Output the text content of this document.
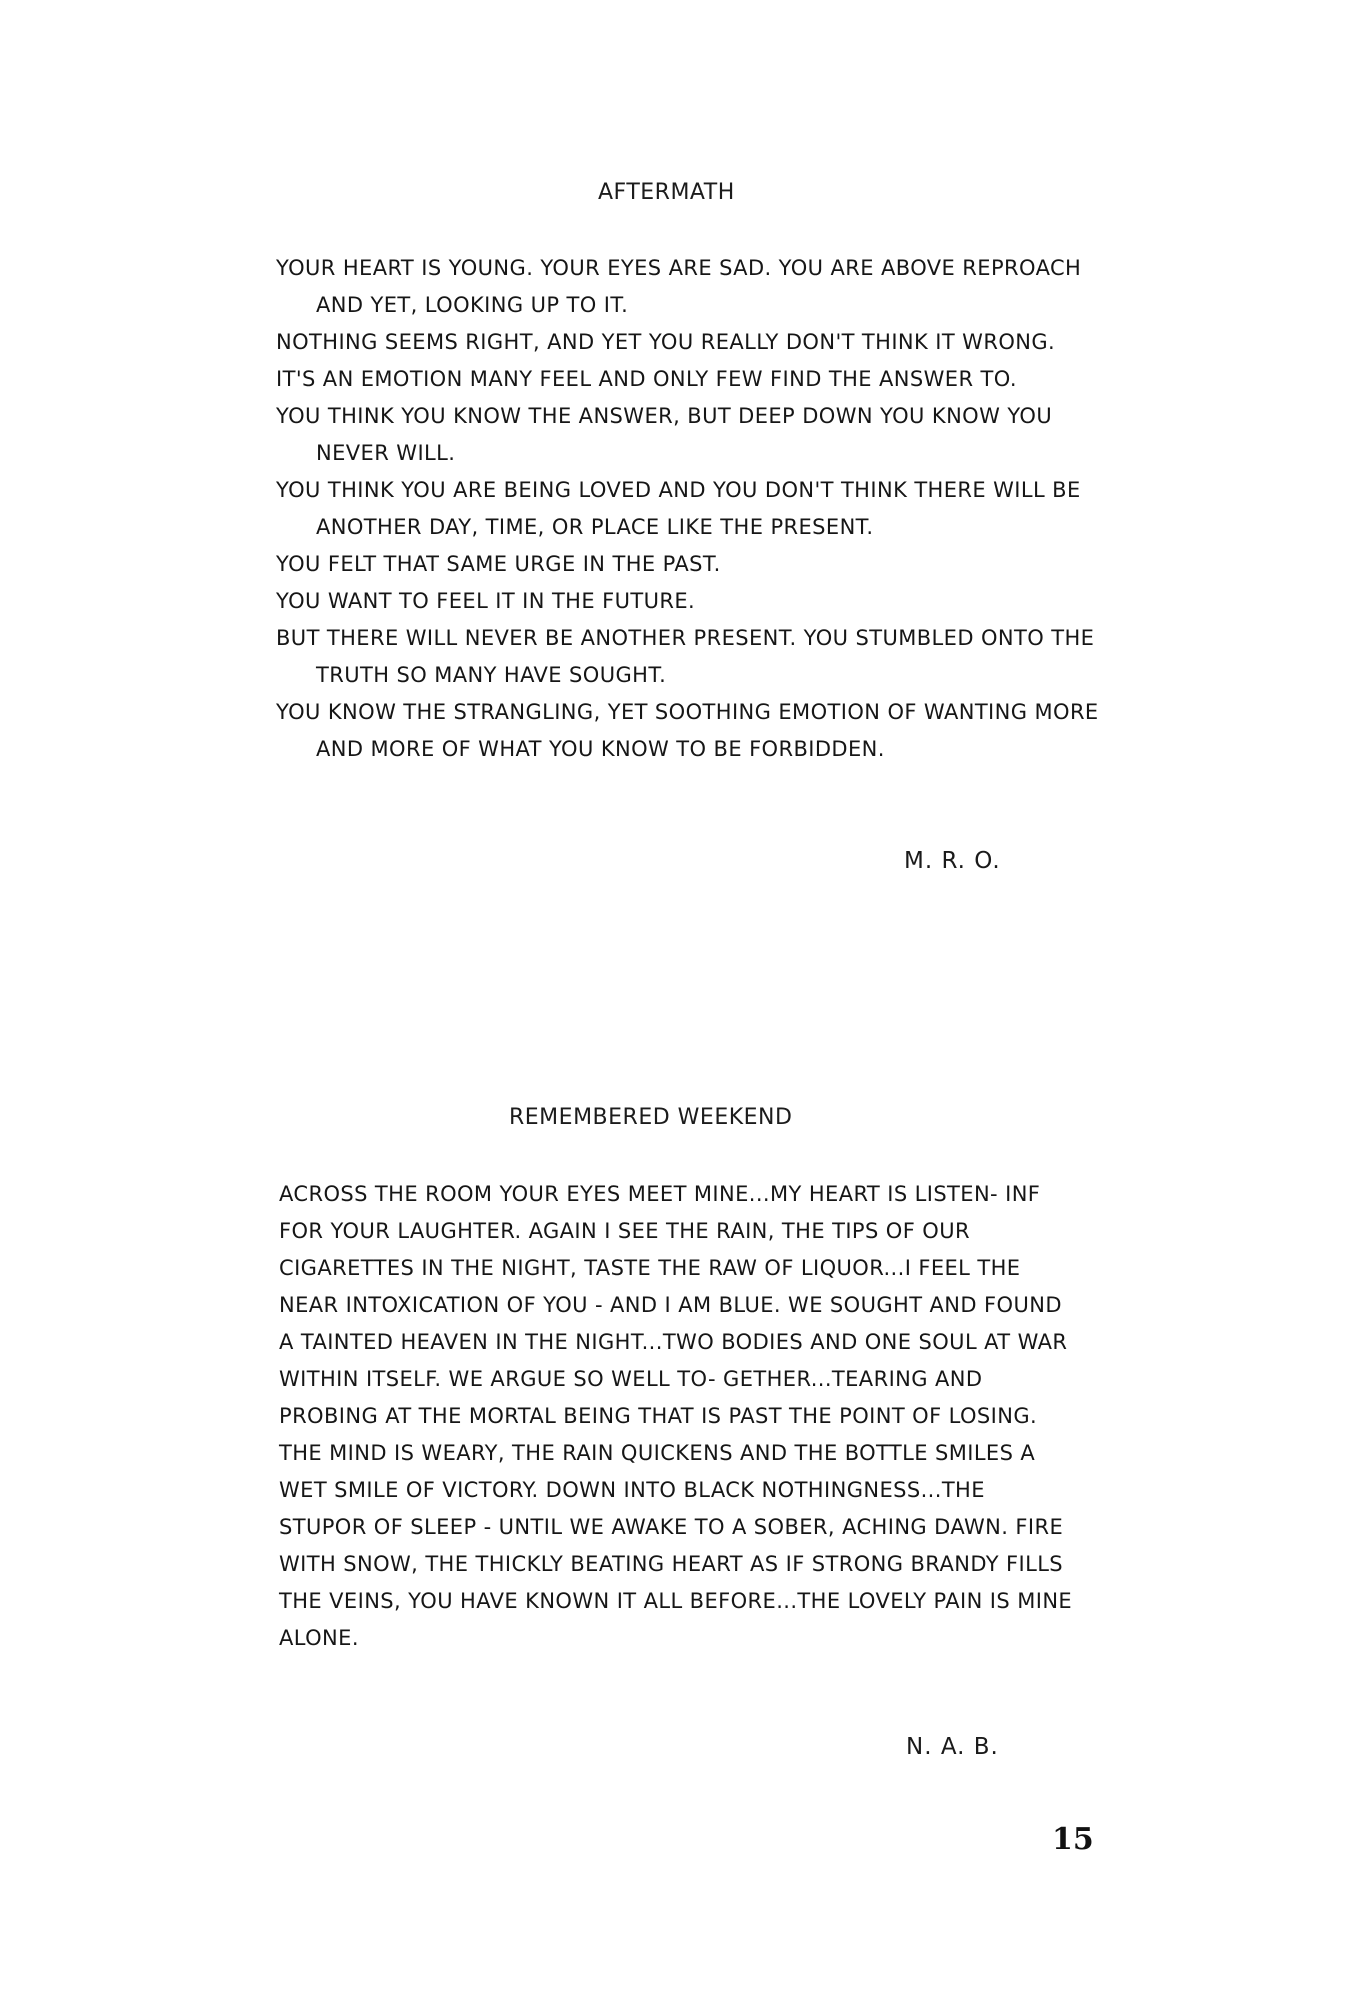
AFTERMATH
YOUR HEART IS YOUNG. YOUR EYES ARE SAD. YOU ARE ABOVE REPROACH AND YET, LOOKING UP TO IT.
NOTHING SEEMS RIGHT, AND YET YOU REALLY DON'T THINK IT WRONG.
IT'S AN EMOTION MANY FEEL AND ONLY FEW FIND THE ANSWER TO.
YOU THINK YOU KNOW THE ANSWER, BUT DEEP DOWN YOU KNOW YOU NEVER WILL.
YOU THINK YOU ARE BEING LOVED AND YOU DON'T THINK THERE WILL BE ANOTHER DAY, TIME, OR PLACE LIKE THE PRESENT.
YOU FELT THAT SAME URGE IN THE PAST.
YOU WANT TO FEEL IT IN THE FUTURE.
BUT THERE WILL NEVER BE ANOTHER PRESENT. YOU STUMBLED ONTO THE TRUTH SO MANY HAVE SOUGHT.
YOU KNOW THE STRANGLING, YET SOOTHING EMOTION OF WANTING MORE AND MORE OF WHAT YOU KNOW TO BE FORBIDDEN.
M. R. O.
REMEMBERED WEEKEND

ACROSS THE ROOM YOUR EYES MEET MINE...MY HEART IS LISTEN- INF FOR YOUR LAUGHTER. AGAIN I SEE THE RAIN, THE TIPS OF OUR CIGARETTES IN THE NIGHT, TASTE THE RAW OF LIQUOR...I FEEL THE NEAR INTOXICATION OF YOU - AND I AM BLUE. WE SOUGHT AND FOUND A TAINTED HEAVEN IN THE NIGHT...TWO BODIES AND ONE SOUL AT WAR WITHIN ITSELF. WE ARGUE SO WELL TO- GETHER...TEARING AND PROBING AT THE MORTAL BEING THAT IS PAST THE POINT OF LOSING. THE MIND IS WEARY, THE RAIN QUICKENS AND THE BOTTLE SMILES A WET SMILE OF VICTORY. DOWN INTO BLACK NOTHINGNESS...THE STUPOR OF SLEEP - UNTIL WE AWAKE TO A SOBER, ACHING DAWN. FIRE WITH SNOW, THE THICKLY BEATING HEART AS IF STRONG BRANDY FILLS THE VEINS, YOU HAVE KNOWN IT ALL BEFORE...THE LOVELY PAIN IS MINE ALONE.

N. A. B.
15
